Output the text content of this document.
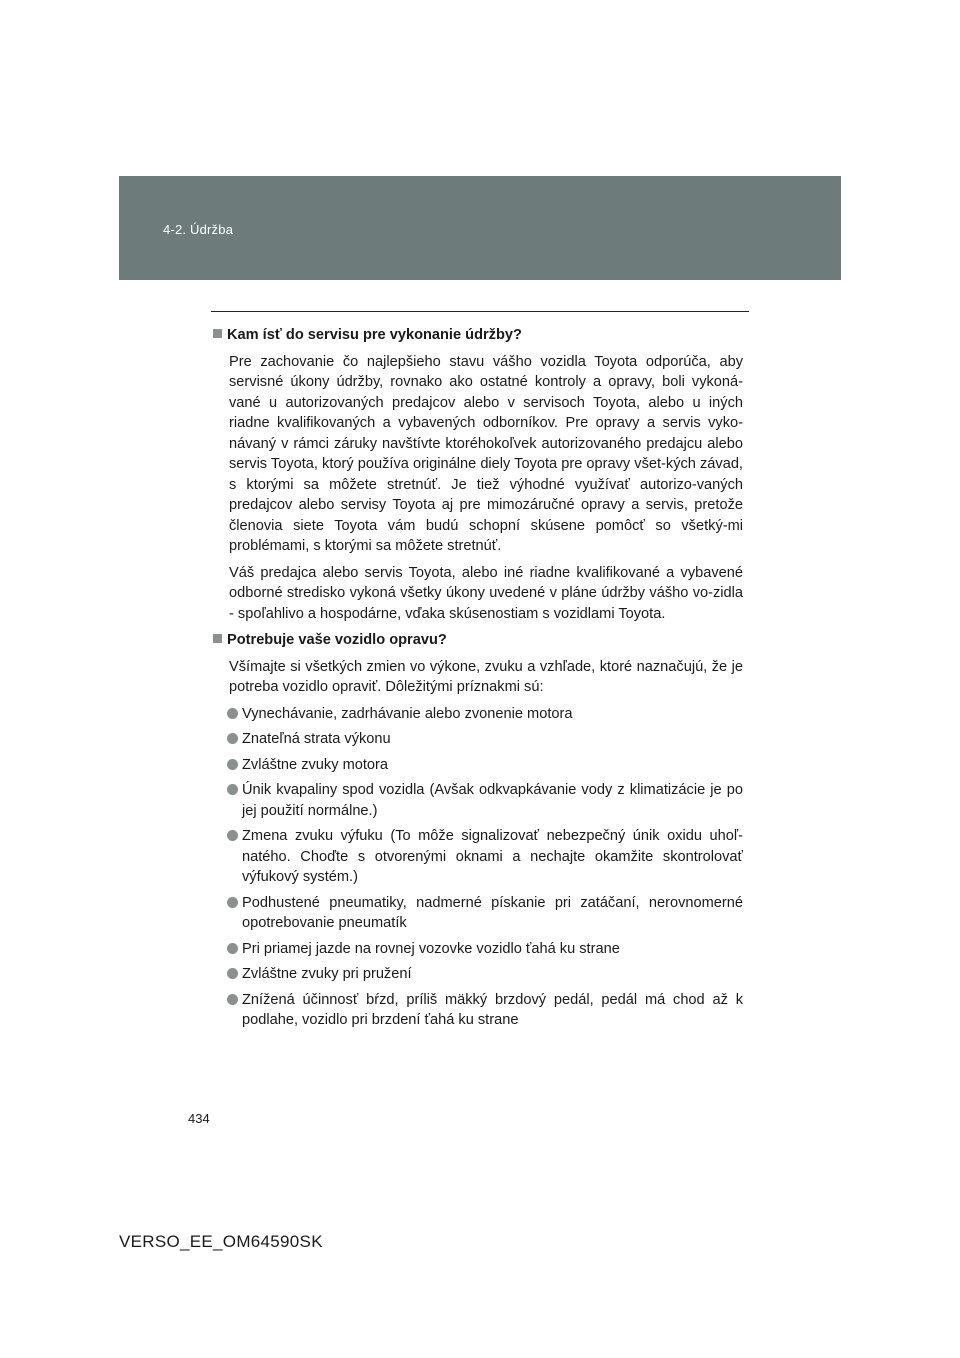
4-2. Údržba
Kam ísť do servisu pre vykonanie údržby?

Pre zachovanie čo najlepšieho stavu vášho vozidla Toyota odporúča, aby servisné úkony údržby, rovnako ako ostatné kontroly a opravy, boli vykoná-vané u autorizovaných predajcov alebo v servisoch Toyota, alebo u iných riadne kvalifikovaných a vybavených odborníkov. Pre opravy a servis vyko-návaný v rámci záruky navštívte ktoréhokoľvek autorizovaného predajcu alebo servis Toyota, ktorý používa originálne diely Toyota pre opravy všet-kých závad, s ktorými sa môžete stretnúť. Je tiež výhodné využívať autorizo-vaných predajcov alebo servisy Toyota aj pre mimozáručné opravy a servis, pretože členovia siete Toyota vám budú schopní skúsene pomôcť so všetký-mi problémami, s ktorými sa môžete stretnúť.

Váš predajca alebo servis Toyota, alebo iné riadne kvalifikované a vybavené odborné stredisko vykoná všetky úkony uvedené v pláne údržby vášho vo-zidla - spoľahlivo a hospodárne, vďaka skúsenostiam s vozidlami Toyota.

Potrebuje vaše vozidlo opravu?

Všímajte si všetkých zmien vo výkone, zvuku a vzhľade, ktoré naznačujú, že je potreba vozidlo opraviť. Dôležitými príznakmi sú:

Vynechávanie, zadrhávanie alebo zvonenie motora
Znateľná strata výkonu
Zvláštne zvuky motora
Únik kvapaliny spod vozidla (Avšak odkvapkávanie vody z klimatizácie je po jej použití normálne.)
Zmena zvuku výfuku (To môže signalizovať nebezpečný únik oxidu uhoľ-natého. Choďte s otvorenými oknami a nechajte okamžite skontrolovať výfukový systém.)
Podhustené pneumatiky, nadmerné pískanie pri zatáčaní, nerovnomerné opotrebovanie pneumatík
Pri priamej jazde na rovnej vozovke vozidlo ťahá ku strane
Zvláštne zvuky pri pružení
Znížená účinnosť bŕzd, príliš mäkký brzdový pedál, pedál má chod až k podlahe, vozidlo pri brzdení ťahá ku strane
434
VERSO_EE_OM64590SK
